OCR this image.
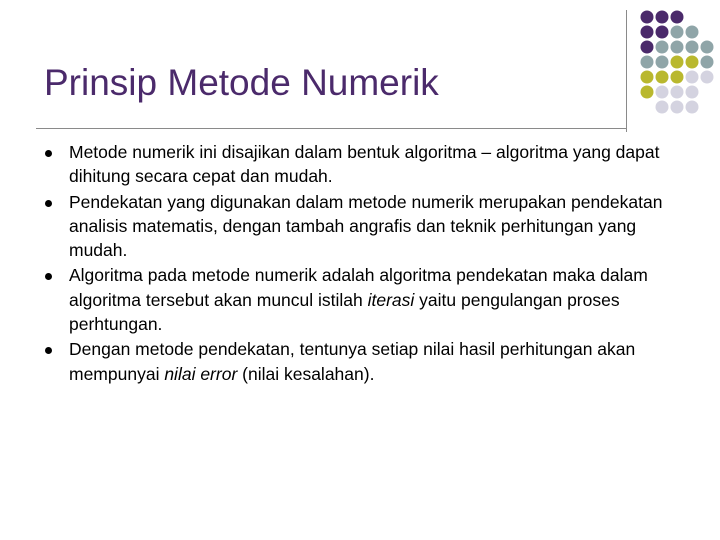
Prinsip Metode Numerik
Metode numerik ini disajikan dalam bentuk algoritma – algoritma yang dapat dihitung secara cepat dan mudah.
Pendekatan yang digunakan dalam metode numerik merupakan pendekatan analisis matematis, dengan tambah angrafis dan teknik perhitungan yang mudah.
Algoritma pada metode numerik adalah algoritma pendekatan maka dalam algoritma tersebut akan muncul istilah iterasi yaitu pengulangan proses perhtungan.
Dengan metode pendekatan, tentunya setiap nilai hasil perhitungan akan mempunyai nilai error (nilai kesalahan).
